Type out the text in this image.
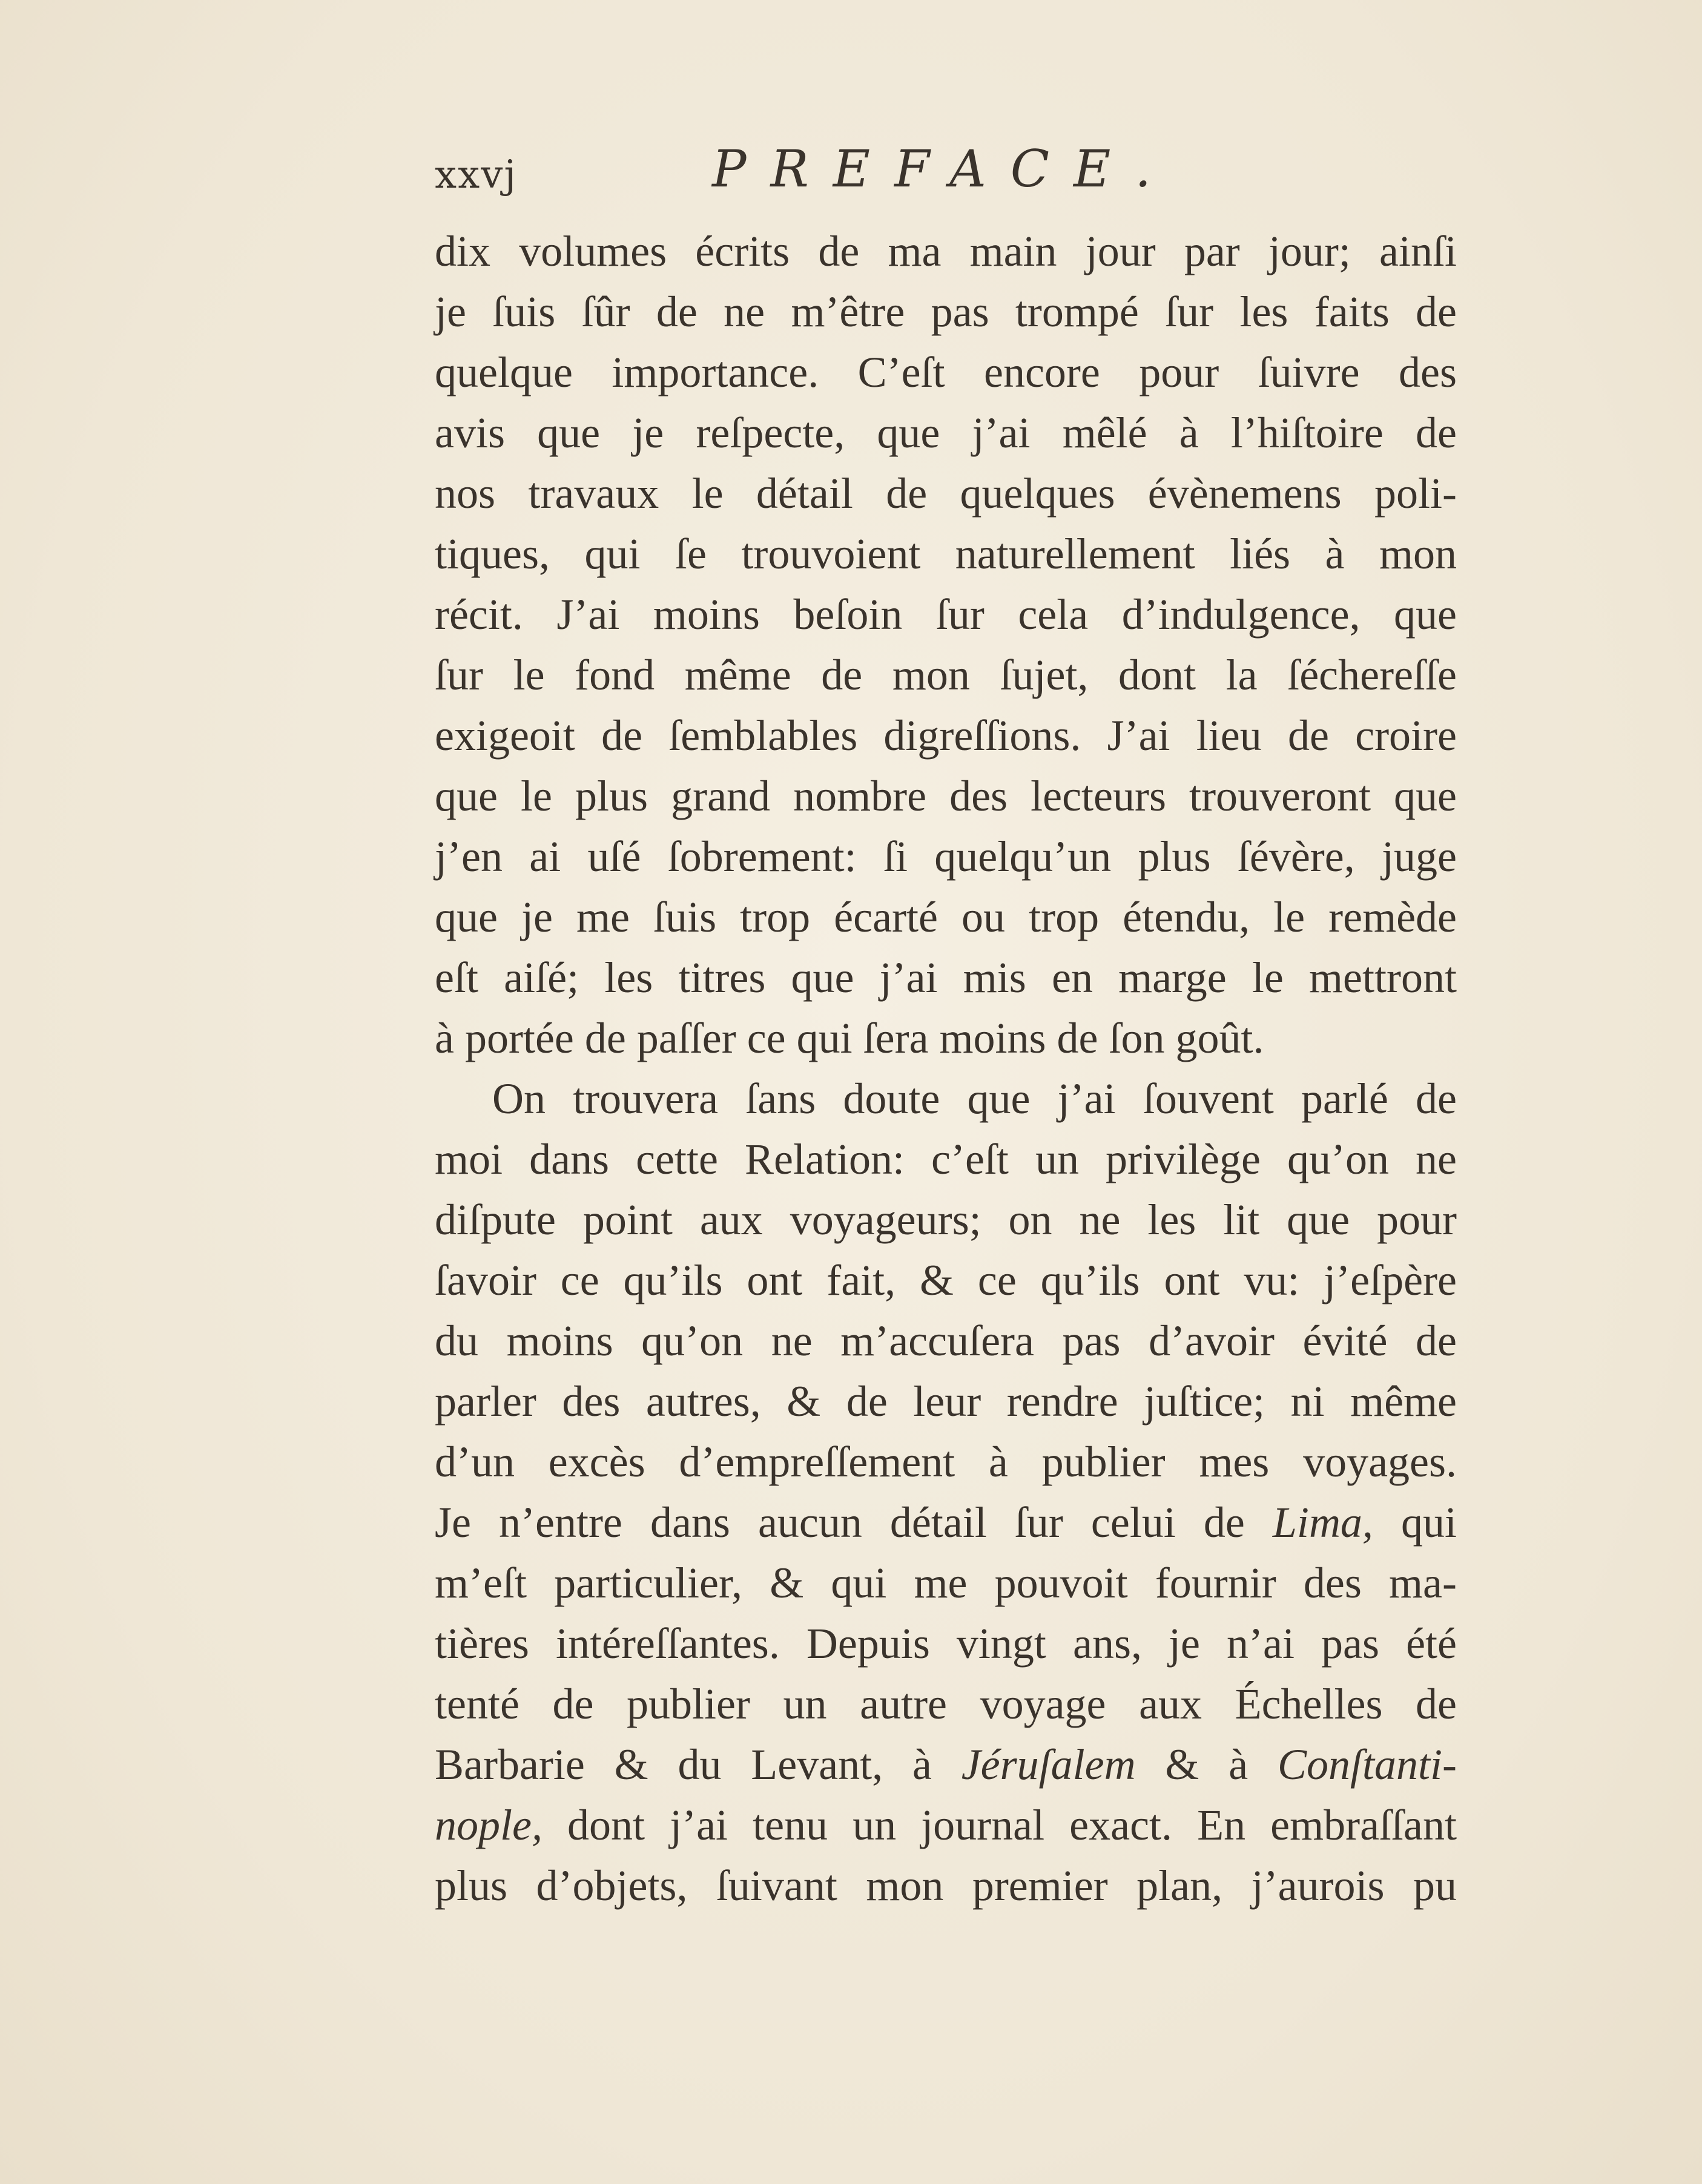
xxvj	PREFACE.
dix volumes écrits de ma main jour par jour; ainſi
je ſuis ſûr de ne m’être pas trompé ſur les faits de
quelque importance. C’eſt encore pour ſuivre des
avis que je reſpecte, que j’ai mêlé à l’hiſtoire de
nos travaux le détail de quelques évènemens poli-
tiques, qui ſe trouvoient naturellement liés à mon
récit. J’ai moins beſoin ſur cela d’indulgence, que
ſur le fond même de mon ſujet, dont la ſéchereſſe
exigeoit de ſemblables digreſſions. J’ai lieu de croire
que le plus grand nombre des lecteurs trouveront que
j’en ai uſé ſobrement: ſi quelqu’un plus ſévère, juge
que je me ſuis trop écarté ou trop étendu, le remède
eſt aiſé; les titres que j’ai mis en marge le mettront
à portée de paſſer ce qui ſera moins de ſon goût.
On trouvera ſans doute que j’ai ſouvent parlé de
moi dans cette Relation: c’eſt un privilège qu’on ne
diſpute point aux voyageurs; on ne les lit que pour
ſavoir ce qu’ils ont fait, & ce qu’ils ont vu: j’eſpère
du moins qu’on ne m’accuſera pas d’avoir évité de
parler des autres, & de leur rendre juſtice; ni même
d’un excès d’empreſſement à publier mes voyages.
Je n’entre dans aucun détail ſur celui de Lima, qui
m’eſt particulier, & qui me pouvoit fournir des ma-
tières intéreſſantes. Depuis vingt ans, je n’ai pas été
tenté de publier un autre voyage aux Échelles de
Barbarie & du Levant, à Jéruſalem & à Conſtanti-
nople, dont j’ai tenu un journal exact. En embraſſant
plus d’objets, ſuivant mon premier plan, j’aurois pu
